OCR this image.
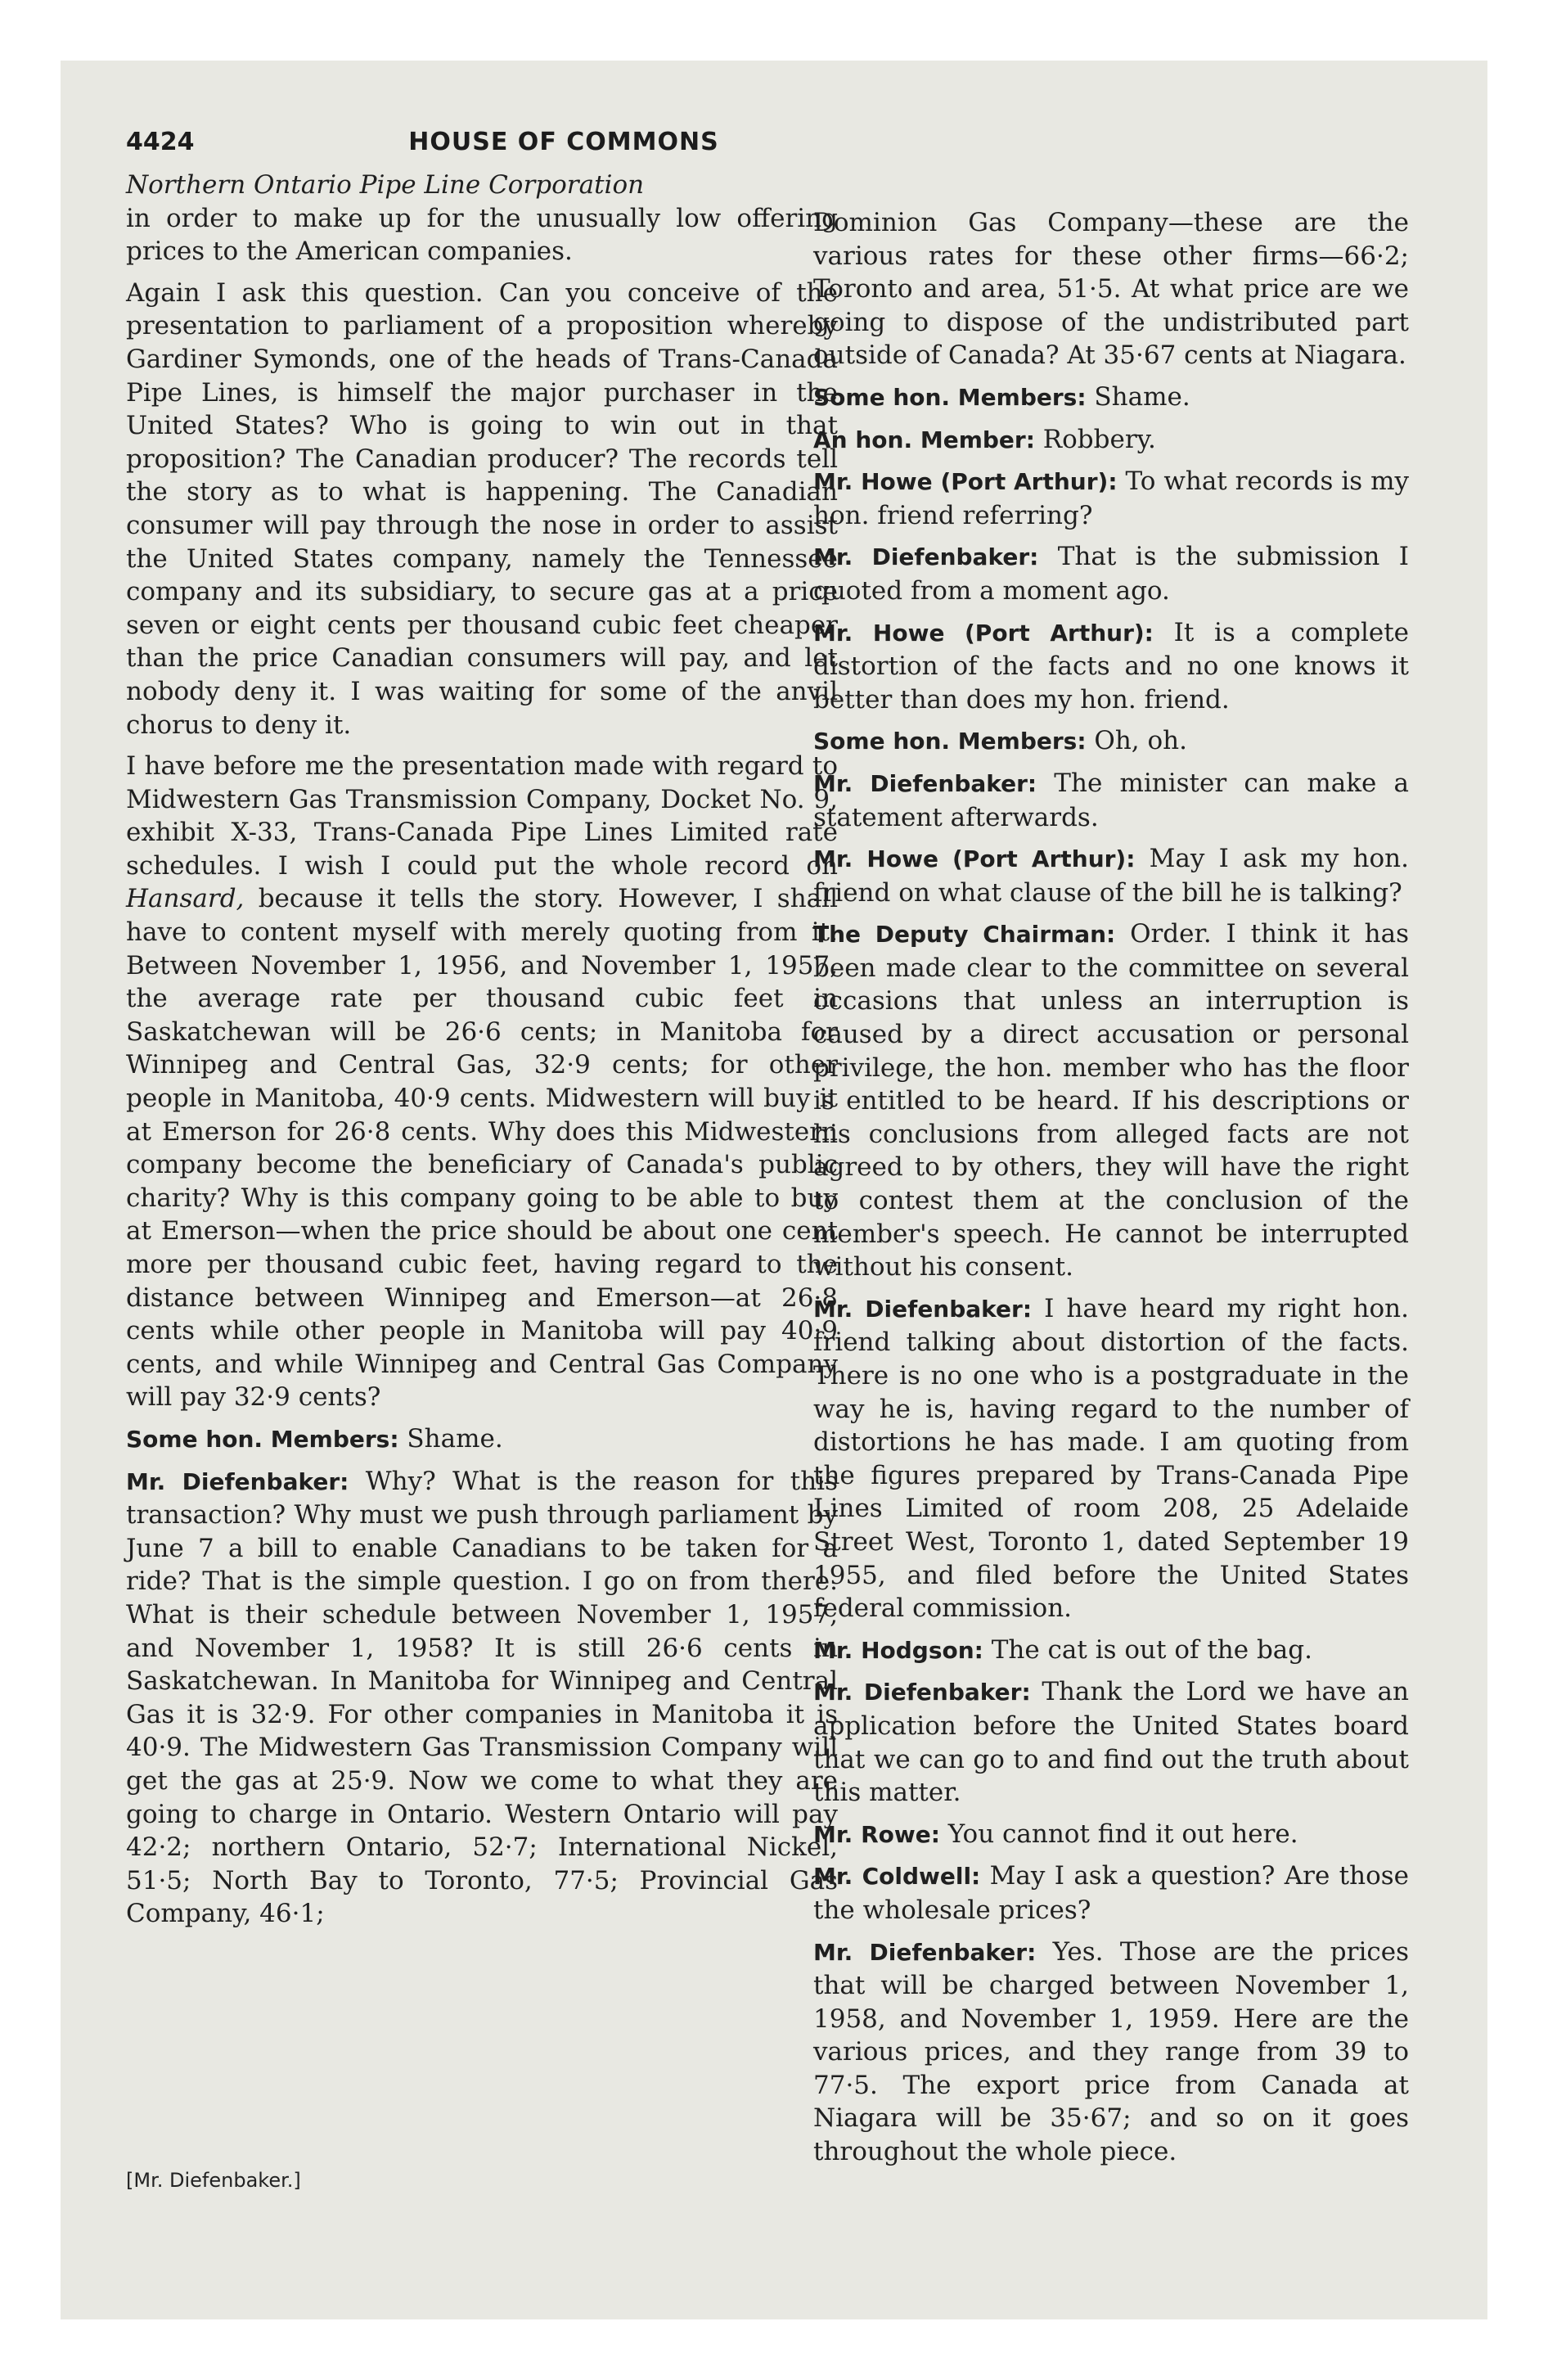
4424	HOUSE OF COMMONS
Northern Ontario Pipe Line Corporation

in order to make up for the unusually low offering prices to the American companies.

Again I ask this question. Can you conceive of the presentation to parliament of a proposition whereby Gardiner Symonds, one of the heads of Trans-Canada Pipe Lines, is himself the major purchaser in the United States? Who is going to win out in that proposition? The Canadian producer? The records tell the story as to what is happening. The Canadian consumer will pay through the nose in order to assist the United States company, namely the Tennessee company and its subsidiary, to secure gas at a price seven or eight cents per thousand cubic feet cheaper than the price Canadian consumers will pay, and let nobody deny it. I was waiting for some of the anvil chorus to deny it.

I have before me the presentation made with regard to Midwestern Gas Transmission Company, Docket No. 9, exhibit X-33, Trans-Canada Pipe Lines Limited rate schedules. I wish I could put the whole record on Hansard, because it tells the story. However, I shall have to content myself with merely quoting from it. Between November 1, 1956, and November 1, 1957, the average rate per thousand cubic feet in Saskatchewan will be 26·6 cents; in Manitoba for Winnipeg and Central Gas, 32·9 cents; for other people in Manitoba, 40·9 cents. Midwestern will buy it at Emerson for 26·8 cents. Why does this Midwestern company become the beneficiary of Canada's public charity? Why is this company going to be able to buy at Emerson—when the price should be about one cent more per thousand cubic feet, having regard to the distance between Winnipeg and Emerson—at 26·8 cents while other people in Manitoba will pay 40·9 cents, and while Winnipeg and Central Gas Company will pay 32·9 cents?

Some hon. Members: Shame.

Mr. Diefenbaker: Why? What is the reason for this transaction? Why must we push through parliament by June 7 a bill to enable Canadians to be taken for a ride? That is the simple question. I go on from there. What is their schedule between November 1, 1957, and November 1, 1958? It is still 26·6 cents in Saskatchewan. In Manitoba for Winnipeg and Central Gas it is 32·9. For other companies in Manitoba it is 40·9. The Midwestern Gas Transmission Company will get the gas at 25·9. Now we come to what they are going to charge in Ontario. Western Ontario will pay 42·2; northern Ontario, 52·7; International Nickel, 51·5; North Bay to Toronto, 77·5; Provincial Gas Company, 46·1;

Dominion Gas Company—these are the various rates for these other firms—66·2; Toronto and area, 51·5. At what price are we going to dispose of the undistributed part outside of Canada? At 35·67 cents at Niagara.

Some hon. Members: Shame.

An hon. Member: Robbery.

Mr. Howe (Port Arthur): To what records is my hon. friend referring?

Mr. Diefenbaker: That is the submission I quoted from a moment ago.

Mr. Howe (Port Arthur): It is a complete distortion of the facts and no one knows it better than does my hon. friend.

Some hon. Members: Oh, oh.

Mr. Diefenbaker: The minister can make a statement afterwards.

Mr. Howe (Port Arthur): May I ask my hon. friend on what clause of the bill he is talking?

The Deputy Chairman: Order. I think it has been made clear to the committee on several occasions that unless an interruption is caused by a direct accusation or personal privilege, the hon. member who has the floor is entitled to be heard. If his descriptions or his conclusions from alleged facts are not agreed to by others, they will have the right to contest them at the conclusion of the member's speech. He cannot be interrupted without his consent.

Mr. Diefenbaker: I have heard my right hon. friend talking about distortion of the facts. There is no one who is a postgraduate in the way he is, having regard to the number of distortions he has made. I am quoting from the figures prepared by Trans-Canada Pipe Lines Limited of room 208, 25 Adelaide Street West, Toronto 1, dated September 19 1955, and filed before the United States federal commission.

Mr. Hodgson: The cat is out of the bag.

Mr. Diefenbaker: Thank the Lord we have an application before the United States board that we can go to and find out the truth about this matter.

Mr. Rowe: You cannot find it out here.

Mr. Coldwell: May I ask a question? Are those the wholesale prices?

Mr. Diefenbaker: Yes. Those are the prices that will be charged between November 1, 1958, and November 1, 1959. Here are the various prices, and they range from 39 to 77·5. The export price from Canada at Niagara will be 35·67; and so on it goes throughout the whole piece.

[Mr. Diefenbaker.]
